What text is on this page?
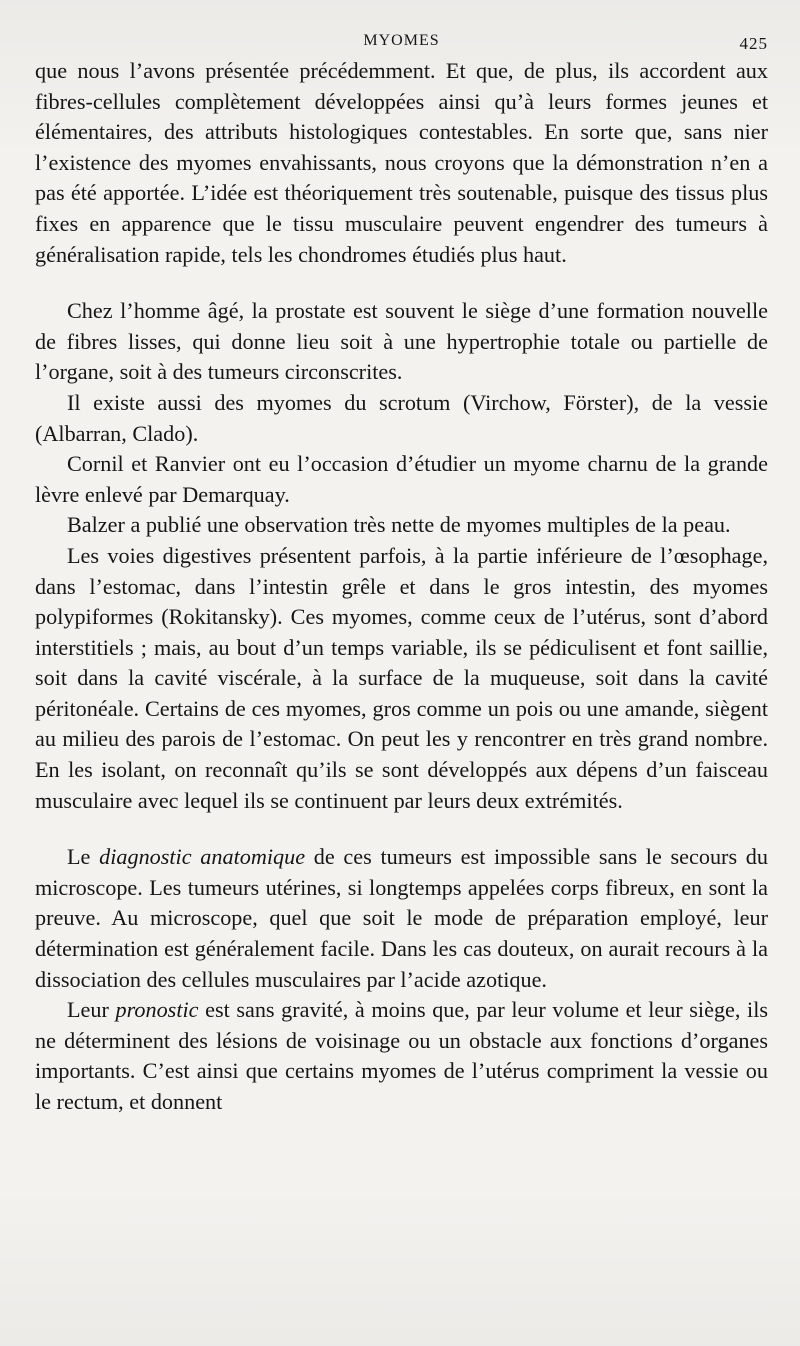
MYOMES	425

que nous l’avons présentée précédemment. Et que, de plus, ils accordent aux fibres-cellules complètement développées ainsi qu’à leurs formes jeunes et élémentaires, des attributs histologiques contestables. En sorte que, sans nier l’existence des myomes envahissants, nous croyons que la démonstration n’en a pas été apportée. L’idée est théoriquement très soutenable, puisque des tissus plus fixes en apparence que le tissu musculaire peuvent engendrer des tumeurs à généralisation rapide, tels les chondromes étudiés plus haut.

Chez l’homme âgé, la prostate est souvent le siège d’une formation nouvelle de fibres lisses, qui donne lieu soit à une hypertrophie totale ou partielle de l’organe, soit à des tumeurs circonscrites.

Il existe aussi des myomes du scrotum (Virchow, Förster), de la vessie (Albarran, Clado).

Cornil et Ranvier ont eu l’occasion d’étudier un myome charnu de la grande lèvre enlevé par Demarquay.

Balzer a publié une observation très nette de myomes multiples de la peau.

Les voies digestives présentent parfois, à la partie inférieure de l’œsophage, dans l’estomac, dans l’intestin grêle et dans le gros intestin, des myomes polypiformes (Rokitansky). Ces myomes, comme ceux de l’utérus, sont d’abord interstitiels ; mais, au bout d’un temps variable, ils se pédiculisent et font saillie, soit dans la cavité viscérale, à la surface de la muqueuse, soit dans la cavité péritonéale. Certains de ces myomes, gros comme un pois ou une amande, siègent au milieu des parois de l’estomac. On peut les y rencontrer en très grand nombre. En les isolant, on reconnaît qu’ils se sont développés aux dépens d’un faisceau musculaire avec lequel ils se continuent par leurs deux extrémités.

Le diagnostic anatomique de ces tumeurs est impossible sans le secours du microscope. Les tumeurs utérines, si longtemps appelées corps fibreux, en sont la preuve. Au microscope, quel que soit le mode de préparation employé, leur détermination est généralement facile. Dans les cas douteux, on aurait recours à la dissociation des cellules musculaires par l’acide azotique.

Leur pronostic est sans gravité, à moins que, par leur volume et leur siège, ils ne déterminent des lésions de voisinage ou un obstacle aux fonctions d’organes importants. C’est ainsi que certains myomes de l’utérus compriment la vessie ou le rectum, et donnent
